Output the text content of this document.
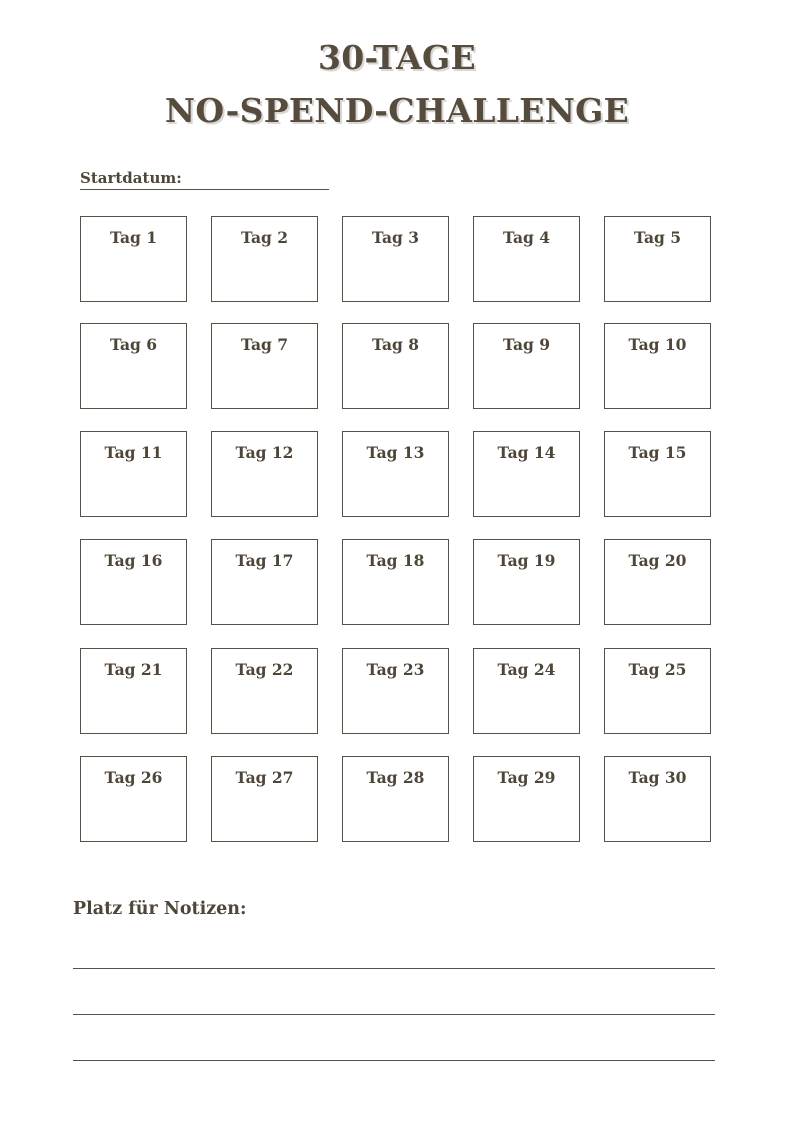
30-TAGE
NO-SPEND-CHALLENGE
Startdatum:
Tag 1	Tag 2	Tag 3	Tag 4	Tag 5
Tag 6	Tag 7	Tag 8	Tag 9	Tag 10
Tag 11	Tag 12	Tag 13	Tag 14	Tag 15
Tag 16	Tag 17	Tag 18	Tag 19	Tag 20
Tag 21	Tag 22	Tag 23	Tag 24	Tag 25
Tag 26	Tag 27	Tag 28	Tag 29	Tag 30
Platz für Notizen:
